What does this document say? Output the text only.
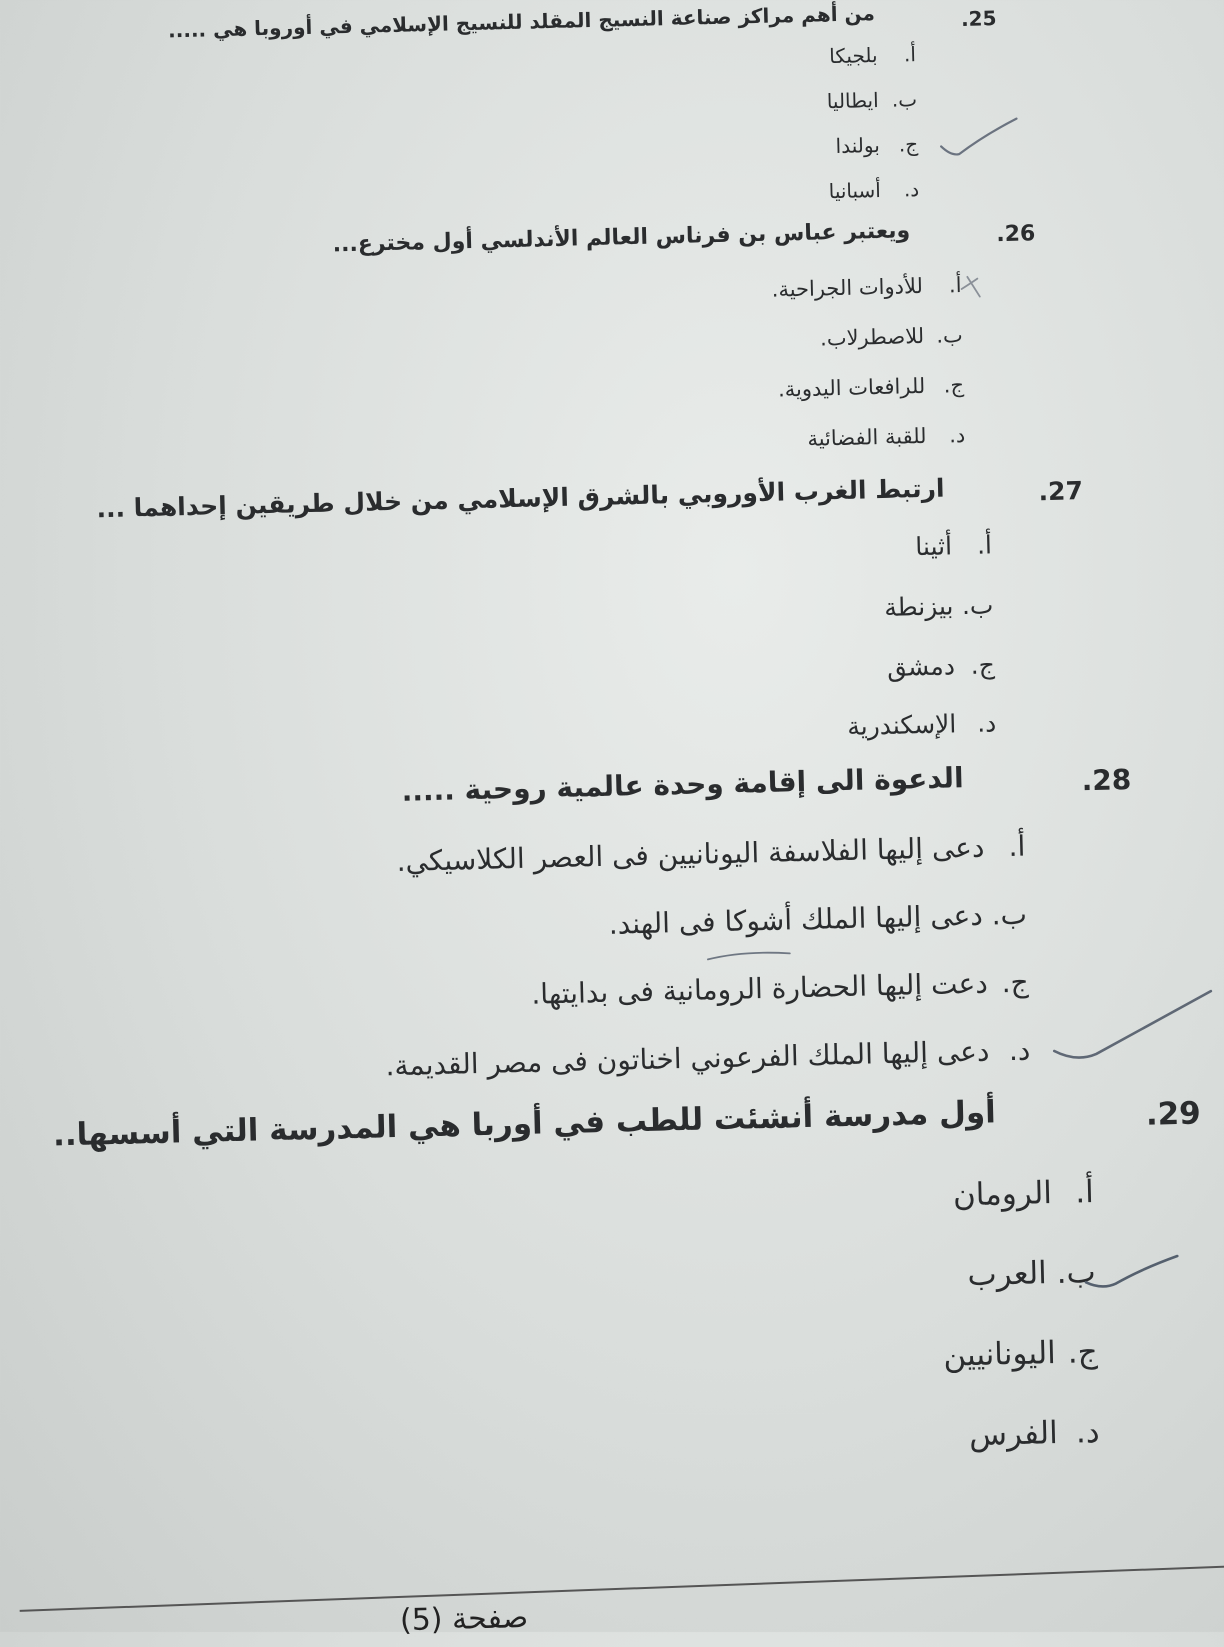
.25
من أهم مراكز صناعة النسيج المقلد للنسيج الإسلامي في أوروبا هي .....
أ. بلجيكا
ب. ايطاليا
ج. بولندا
د. أسبانيا
.26
ويعتبر عباس بن فرناس العالم الأندلسي أول مخترع...
أ. للأدوات الجراحية.
ب. للاصطرلاب.
ج. للرافعات اليدوية.
د. للقبة الفضائية
.27
ارتبط الغرب الأوروبي بالشرق الإسلامي من خلال طريقين إحداهما ...
أ. أثينا
ب. بيزنطة
ج. دمشق
د. الإسكندرية
.28
الدعوة الى إقامة وحدة عالمية روحية .....
أ. دعى إليها الفلاسفة اليونانيين فى العصر الكلاسيكي.
ب. دعى إليها الملك أشوكا فى الهند.
ج. دعت إليها الحضارة الرومانية فى بدايتها.
د. دعى إليها الملك الفرعوني اخناتون فى مصر القديمة.
.29
أول مدرسة أنشئت للطب في أوربا هي المدرسة التي أسسها..
أ. الرومان
ب. العرب
ج. اليونانيين
د. الفرس
صفحة (5)
